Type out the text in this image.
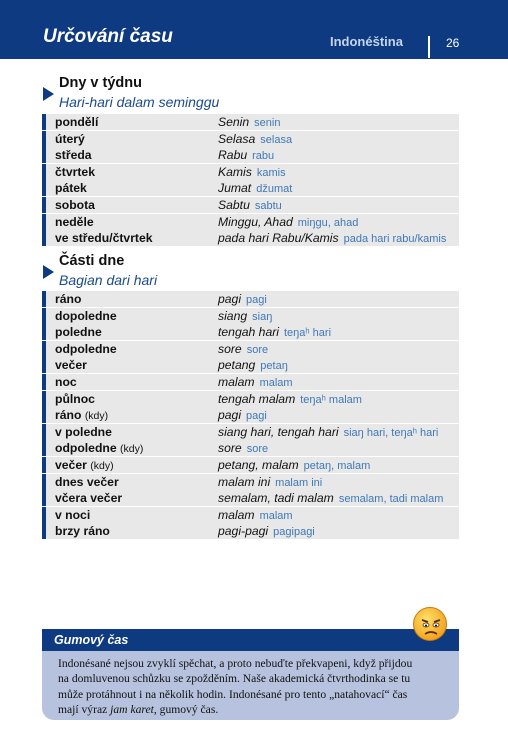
Určování času	Indonéština	26
Dny v týdnu
Hari-hari dalam seminggu
pondělí	Senin senin
úterý	Selasa selasa
středa	Rabu rabu
čtvrtek	Kamis kamis
pátek	Jumat džumat
sobota	Sabtu sabtu
neděle	Minggu, Ahad miŋgu, ahad
ve středu/čtvrtek	pada hari Rabu/Kamis pada hari rabu/kamis
Části dne
Bagian dari hari
ráno	pagi pagi
dopoledne	siang siaŋ
poledne	tengah hari teŋaʰ hari
odpoledne	sore sore
večer	petang petaŋ
noc	malam malam
půlnoc	tengah malam teŋaʰ malam
ráno (kdy)	pagi pagi
v poledne	siang hari, tengah hari siaŋ hari, teŋaʰ hari
odpoledne (kdy)	sore sore
večer (kdy)	petang, malam petaŋ, malam
dnes večer	malam ini malam ini
včera večer	semalam, tadi malam semalam, tadi malam
v noci	malam malam
brzy ráno	pagi-pagi pagipagi
Gumový čas
Indonésané nejsou zvyklí spěchat, a proto nebuďte překvapeni, když přijdou
na domluvenou schůzku se zpožděním. Naše akademická čtvrthodinka se tu
může protáhnout i na několik hodin. Indonésané pro tento „natahovací“ čas
mají výraz jam karet, gumový čas.
